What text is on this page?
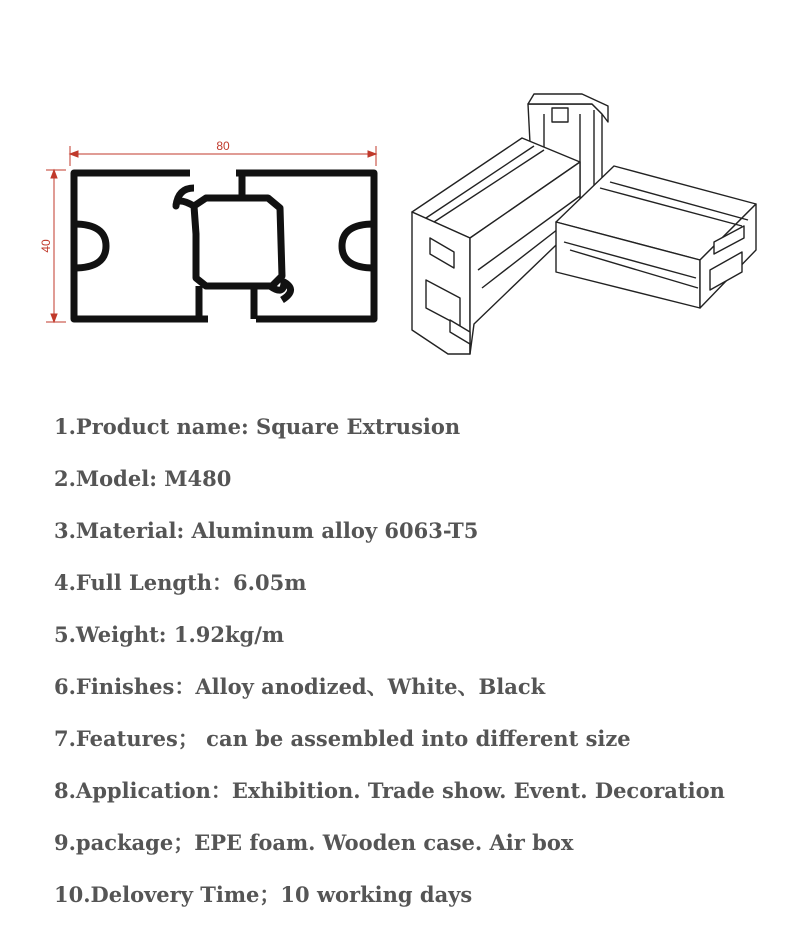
80
40
1.Product name: Square Extrusion
2.Model: M480
3.Material: Aluminum alloy 6063-T5
4.Full Length：6.05m
5.Weight: 1.92kg/m
6.Finishes：Alloy anodized、White、Black
7.Features； can be assembled into different size
8.Application：Exhibition. Trade show. Event. Decoration
9.package；EPE foam. Wooden case. Air box
10.Delovery Time；10 working days
